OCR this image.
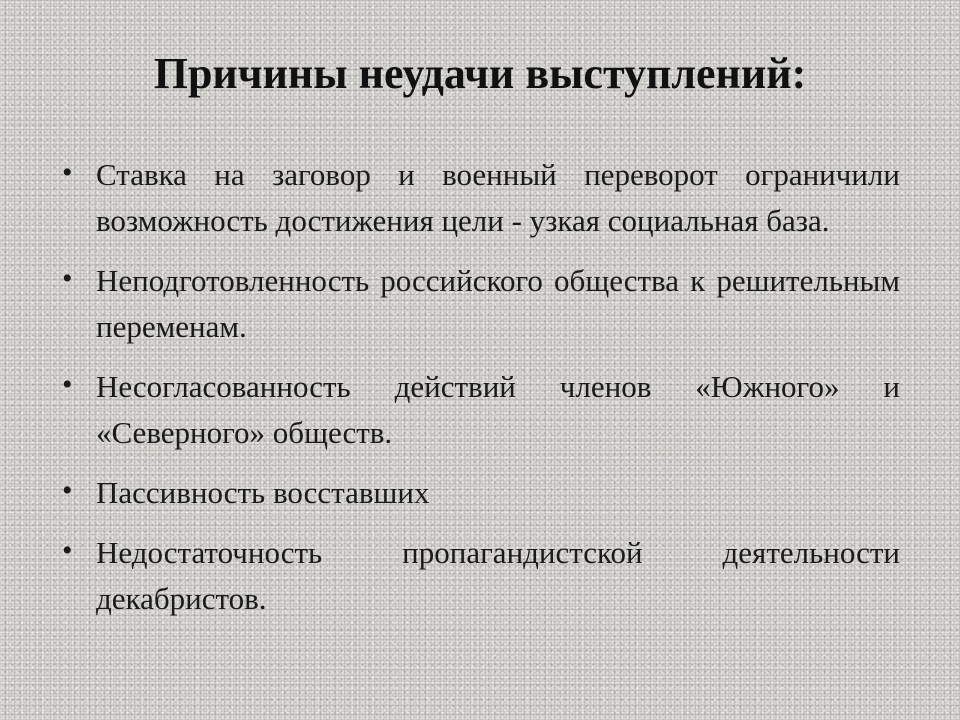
Причины неудачи выступлений:
• Ставка на заговор и военный переворот ограничили возможность достижения цели - узкая социальная база.
• Неподготовленность российского общества к решительным переменам.
• Несогласованность действий членов «Южного» и «Северного» обществ.
• Пассивность восставших
• Недостаточность пропагандистской деятельности декабристов.
